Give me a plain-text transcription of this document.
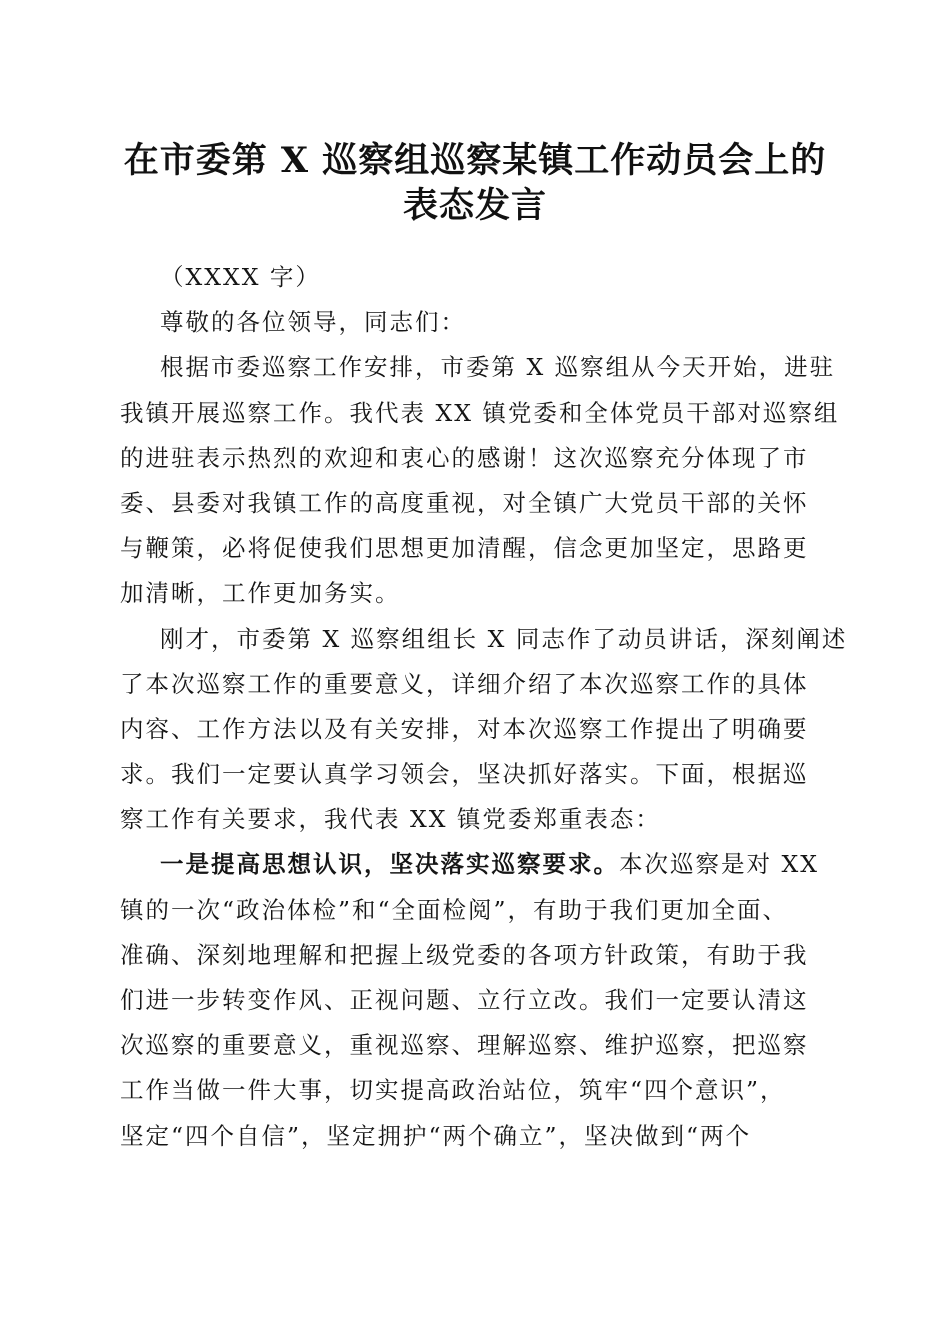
在市委第 X 巡察组巡察某镇工作动员会上的
表态发言
（XXXX 字）
尊敬的各位领导，同志们：
根据市委巡察工作安排，市委第 X 巡察组从今天开始，进驻
我镇开展巡察工作。我代表 XX 镇党委和全体党员干部对巡察组
的进驻表示热烈的欢迎和衷心的感谢！这次巡察充分体现了市
委、县委对我镇工作的高度重视，对全镇广大党员干部的关怀
与鞭策，必将促使我们思想更加清醒，信念更加坚定，思路更
加清晰，工作更加务实。
刚才，市委第 X 巡察组组长 X 同志作了动员讲话，深刻阐述
了本次巡察工作的重要意义，详细介绍了本次巡察工作的具体
内容、工作方法以及有关安排，对本次巡察工作提出了明确要
求。我们一定要认真学习领会，坚决抓好落实。下面，根据巡
察工作有关要求，我代表 XX 镇党委郑重表态：
一是提高思想认识，坚决落实巡察要求。本次巡察是对 XX
镇的一次“政治体检”和“全面检阅”，有助于我们更加全面、
准确、深刻地理解和把握上级党委的各项方针政策，有助于我
们进一步转变作风、正视问题、立行立改。我们一定要认清这
次巡察的重要意义，重视巡察、理解巡察、维护巡察，把巡察
工作当做一件大事，切实提高政治站位，筑牢“四个意识”，
坚定“四个自信”，坚定拥护“两个确立”，坚决做到“两个
